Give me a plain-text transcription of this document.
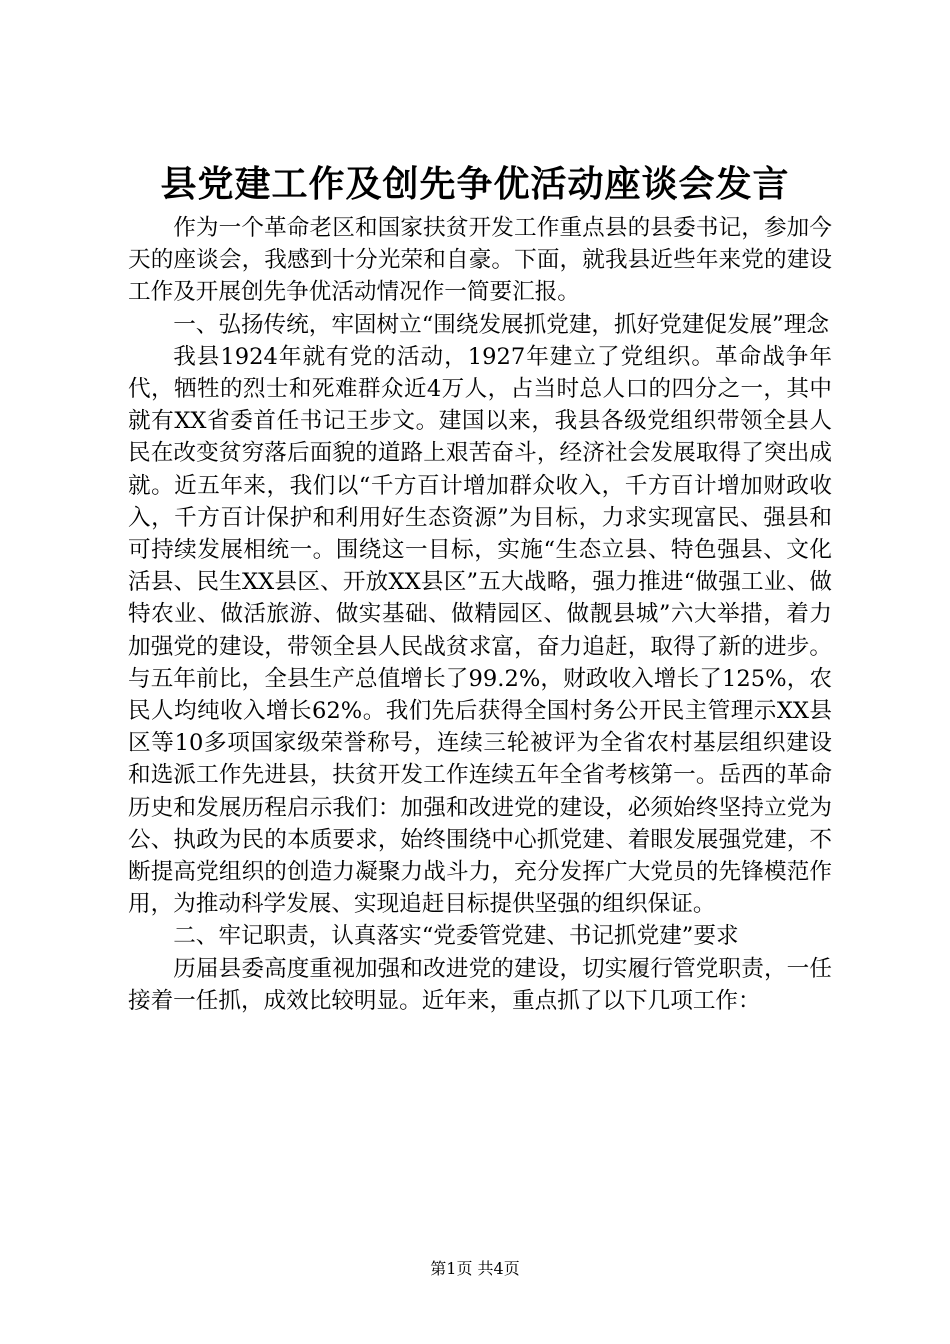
县党建工作及创先争优活动座谈会发言

作为一个革命老区和国家扶贫开发工作重点县的县委书记，参加今天的座谈会，我感到十分光荣和自豪。下面，就我县近些年来党的建设工作及开展创先争优活动情况作一简要汇报。

一、弘扬传统，牢固树立“围绕发展抓党建，抓好党建促发展”理念

我县1924年就有党的活动，1927年建立了党组织。革命战争年代，牺牲的烈士和死难群众近4万人，占当时总人口的四分之一，其中就有XX省委首任书记王步文。建国以来，我县各级党组织带领全县人民在改变贫穷落后面貌的道路上艰苦奋斗，经济社会发展取得了突出成就。近五年来，我们以“千方百计增加群众收入，千方百计增加财政收入，千方百计保护和利用好生态资源”为目标，力求实现富民、强县和可持续发展相统一。围绕这一目标，实施“生态立县、特色强县、文化活县、民生XX县区、开放XX县区”五大战略，强力推进“做强工业、做特农业、做活旅游、做实基础、做精园区、做靓县城”六大举措，着力加强党的建设，带领全县人民战贫求富，奋力追赶，取得了新的进步。与五年前比，全县生产总值增长了99.2%，财政收入增长了125%，农民人均纯收入增长62%。我们先后获得全国村务公开民主管理示XX县区等10多项国家级荣誉称号，连续三轮被评为全省农村基层组织建设和选派工作先进县，扶贫开发工作连续五年全省考核第一。岳西的革命历史和发展历程启示我们：加强和改进党的建设，必须始终坚持立党为公、执政为民的本质要求，始终围绕中心抓党建、着眼发展强党建，不断提高党组织的创造力凝聚力战斗力，充分发挥广大党员的先锋模范作用，为推动科学发展、实现追赶目标提供坚强的组织保证。

二、牢记职责，认真落实“党委管党建、书记抓党建”要求

历届县委高度重视加强和改进党的建设，切实履行管党职责，一任接着一任抓，成效比较明显。近年来，重点抓了以下几项工作：

第1页 共4页
